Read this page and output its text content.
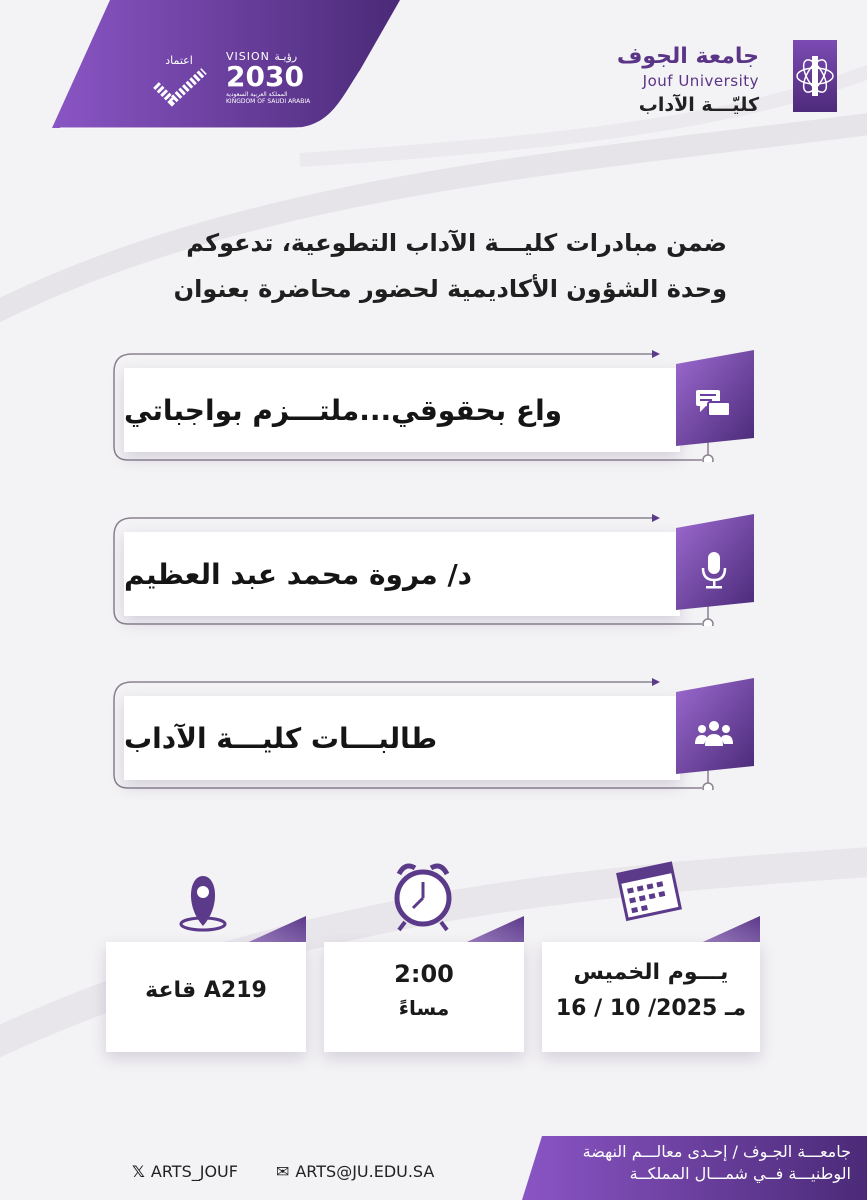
اعتماد	VISION رؤيـة
2030
المملكة العربية السعودية
KINGDOM OF SAUDI ARABIA
جامعة الجوف
Jouf University
كليّـــة الآداب
ضمن مبادرات كليـــة الآداب التطوعية، تدعوكم
وحدة الشؤون الأكاديمية لحضور محاضرة بعنوان
واع بحقوقي...ملتـــزم بواجباتي
د/ مروة محمد عبد العظيم
طالبـــات كليـــة الآداب
قاعة A219
2:00
مساءً
يـــوم الخميس
16 / 10 /2025 مـ
𝕏 ARTS_JOUF ✉ ARTS@JU.EDU.SA
جامعـــة الجـوف / إحـدى معالـــم النهضة
الوطنيـــة فــي شمـــال المملكــة
